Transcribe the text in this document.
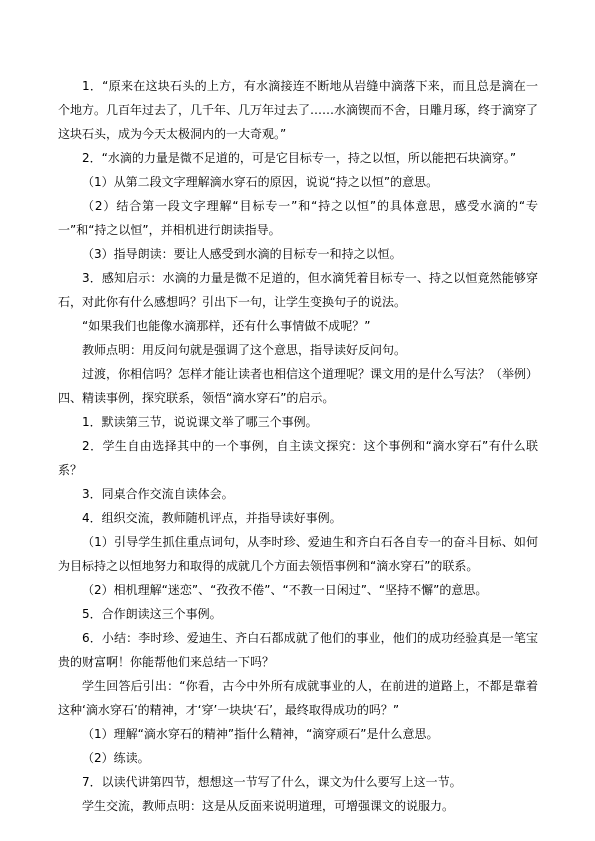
1．“原来在这块石头的上方，有水滴接连不断地从岩缝中滴落下来，而且总是滴在一个地方。几百年过去了，几千年、几万年过去了……水滴锲而不舍，日雕月琢，终于滴穿了这块石头，成为今天太极洞内的一大奇观。”

2．“水滴的力量是微不足道的，可是它目标专一，持之以恒，所以能把石块滴穿。”

（1）从第二段文字理解滴水穿石的原因，说说“持之以恒”的意思。

（2）结合第一段文字理解“目标专一”和“持之以恒”的具体意思，感受水滴的“专一”和“持之以恒”，并相机进行朗读指导。

（3）指导朗读：要让人感受到水滴的目标专一和持之以恒。

3．感知启示：水滴的力量是微不足道的，但水滴凭着目标专一、持之以恒竟然能够穿石，对此你有什么感想吗？引出下一句，让学生变换句子的说法。

“如果我们也能像水滴那样，还有什么事情做不成呢？”

教师点明：用反问句就是强调了这个意思，指导读好反问句。

过渡，你相信吗？怎样才能让读者也相信这个道理呢？课文用的是什么写法？（举例）

四、精读事例，探究联系，领悟“滴水穿石”的启示。

1．默读第三节，说说课文举了哪三个事例。

2．学生自由选择其中的一个事例，自主读文探究：这个事例和“滴水穿石”有什么联系？

3．同桌合作交流自读体会。

4．组织交流，教师随机评点，并指导读好事例。

（1）引导学生抓住重点词句，从李时珍、爱迪生和齐白石各自专一的奋斗目标、如何为目标持之以恒地努力和取得的成就几个方面去领悟事例和“滴水穿石”的联系。

（2）相机理解“迷恋”、“孜孜不倦”、“不教一日闲过”、“坚持不懈”的意思。

5．合作朗读这三个事例。

6．小结：李时珍、爱迪生、齐白石都成就了他们的事业，他们的成功经验真是一笔宝贵的财富啊！你能帮他们来总结一下吗？

学生回答后引出：“你看，古今中外所有成就事业的人，在前进的道路上，不都是靠着这种‘滴水穿石’的精神，才‘穿’一块块‘石’，最终取得成功的吗？”

（1）理解“滴水穿石的精神”指什么精神，“滴穿顽石”是什么意思。

（2）练读。

7．以读代讲第四节，想想这一节写了什么，课文为什么要写上这一节。

学生交流，教师点明：这是从反面来说明道理，可增强课文的说服力。
